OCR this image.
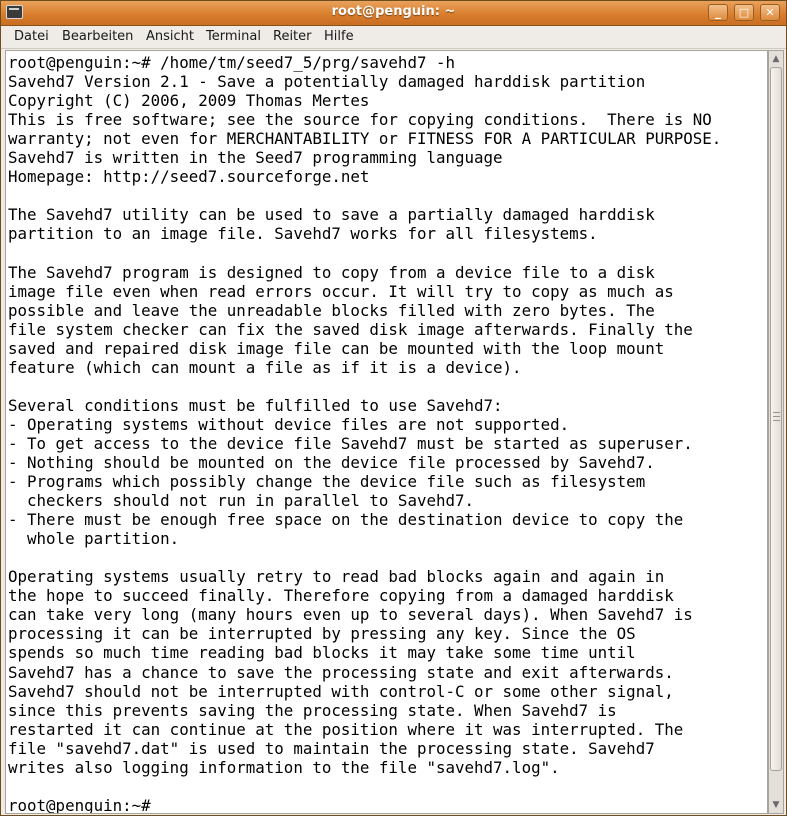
root@penguin: ~	_	□	✕
Datei Bearbeiten Ansicht Terminal Reiter Hilfe
root@penguin:~# /home/tm/seed7_5/prg/savehd7 -h
Savehd7 Version 2.1 - Save a potentially damaged harddisk partition
Copyright (C) 2006, 2009 Thomas Mertes
This is free software; see the source for copying conditions.  There is NO
warranty; not even for MERCHANTABILITY or FITNESS FOR A PARTICULAR PURPOSE.
Savehd7 is written in the Seed7 programming language
Homepage: http://seed7.sourceforge.net

The Savehd7 utility can be used to save a partially damaged harddisk
partition to an image file. Savehd7 works for all filesystems.

The Savehd7 program is designed to copy from a device file to a disk
image file even when read errors occur. It will try to copy as much as
possible and leave the unreadable blocks filled with zero bytes. The
file system checker can fix the saved disk image afterwards. Finally the
saved and repaired disk image file can be mounted with the loop mount
feature (which can mount a file as if it is a device).

Several conditions must be fulfilled to use Savehd7:
- Operating systems without device files are not supported.
- To get access to the device file Savehd7 must be started as superuser.
- Nothing should be mounted on the device file processed by Savehd7.
- Programs which possibly change the device file such as filesystem
checkers should not run in parallel to Savehd7.
- There must be enough free space on the destination device to copy the
whole partition.

Operating systems usually retry to read bad blocks again and again in
the hope to succeed finally. Therefore copying from a damaged harddisk
can take very long (many hours even up to several days). When Savehd7 is
processing it can be interrupted by pressing any key. Since the OS
spends so much time reading bad blocks it may take some time until
Savehd7 has a chance to save the processing state and exit afterwards.
Savehd7 should not be interrupted with control-C or some other signal,
since this prevents saving the processing state. When Savehd7 is
restarted it can continue at the position where it was interrupted. The
file "savehd7.dat" is used to maintain the processing state. Savehd7
writes also logging information to the file "savehd7.log".

root@penguin:~#
▲
▼
